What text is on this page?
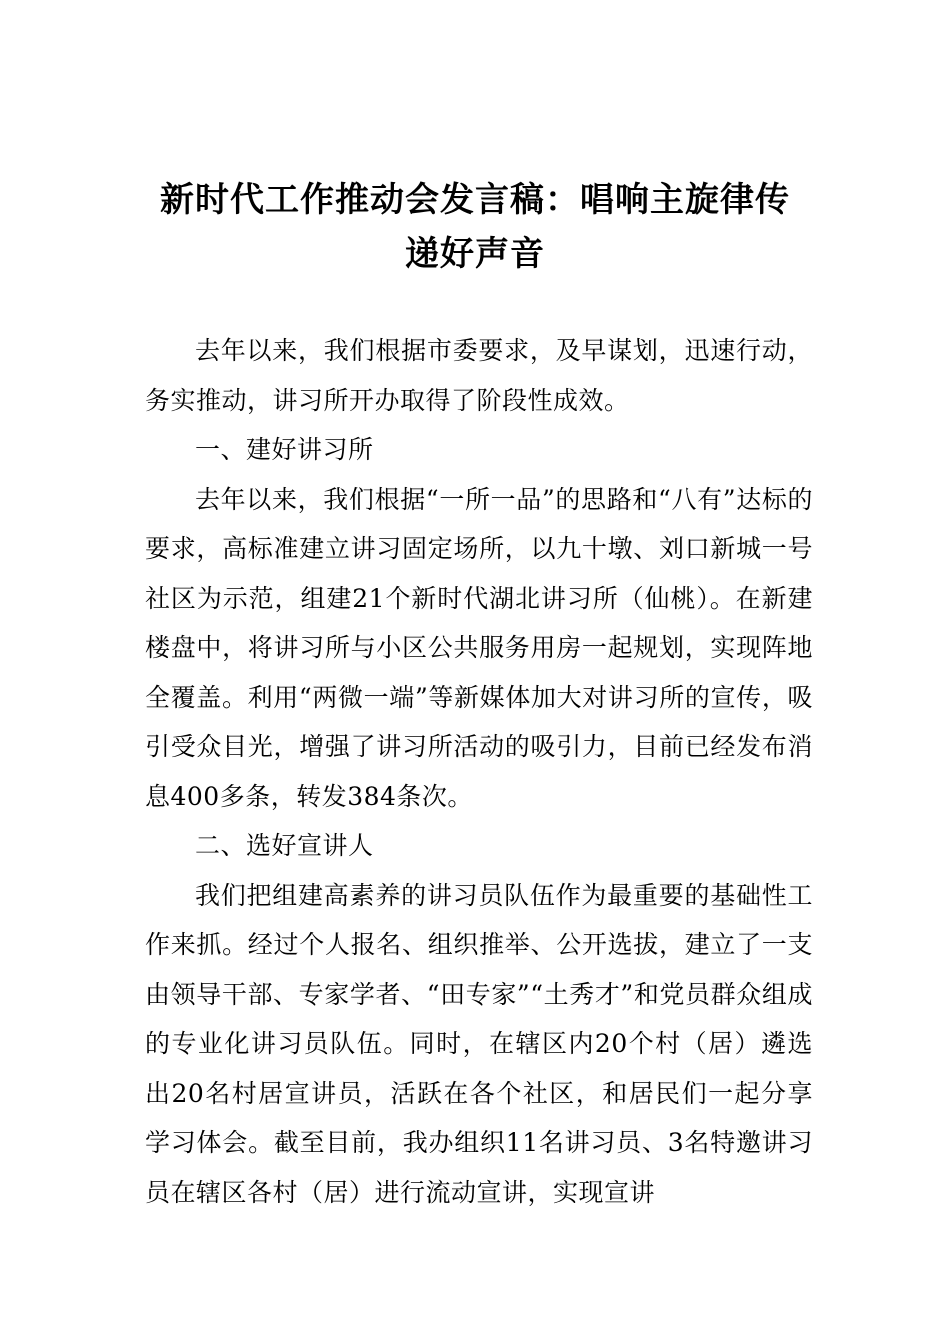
新时代工作推动会发言稿：唱响主旋律传
递好声音

去年以来，我们根据市委要求，及早谋划，迅速行动，务实推动，讲习所开办取得了阶段性成效。

一、建好讲习所

去年以来，我们根据“一所一品”的思路和“八有”达标的要求，高标准建立讲习固定场所，以九十墩、刘口新城一号社区为示范，组建21个新时代湖北讲习所（仙桃）。在新建楼盘中，将讲习所与小区公共服务用房一起规划，实现阵地全覆盖。利用“两微一端”等新媒体加大对讲习所的宣传，吸引受众目光，增强了讲习所活动的吸引力，目前已经发布消息400多条，转发384条次。

二、选好宣讲人

我们把组建高素养的讲习员队伍作为最重要的基础性工作来抓。经过个人报名、组织推举、公开选拔，建立了一支由领导干部、专家学者、“田专家”“土秀才”和党员群众组成的专业化讲习员队伍。同时，在辖区内20个村（居）遴选出20名村居宣讲员，活跃在各个社区，和居民们一起分享学习体会。截至目前，我办组织11名讲习员、3名特邀讲习员在辖区各村（居）进行流动宣讲，实现宣讲
